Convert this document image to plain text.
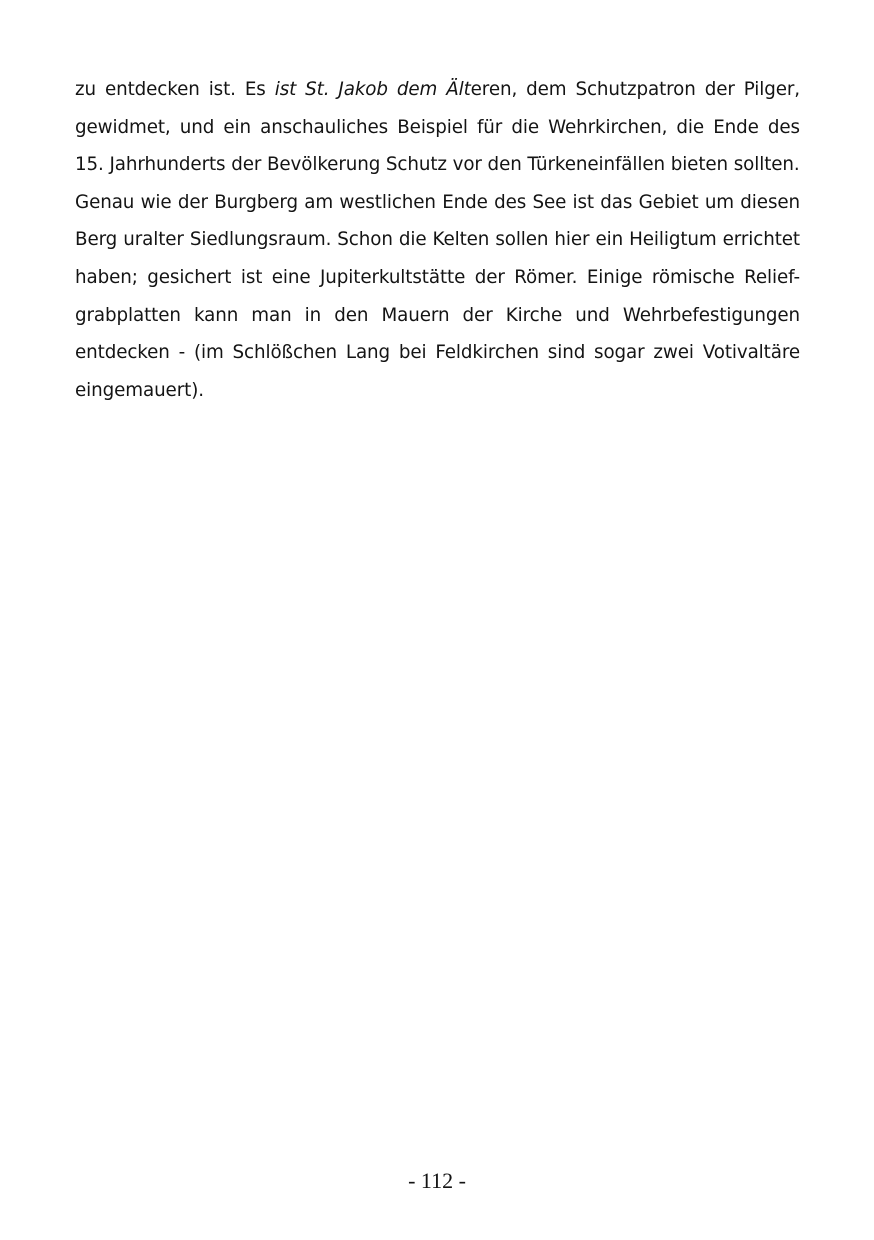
zu entdecken ist. Es ist St. Jakob dem Älteren, dem Schutzpatron der Pilger, gewidmet, und ein anschauliches Beispiel für die Wehrkirchen, die Ende des 15. Jahrhunderts der Bevölkerung Schutz vor den Türkeneinfällen bieten sollten.

Genau wie der Burgberg am westlichen Ende des See ist das Gebiet um diesen Berg uralter Siedlungsraum. Schon die Kelten sollen hier ein Heiligtum errichtet haben; gesichert ist eine Jupiterkultstätte der Römer. Einige römische Relief-grabplatten kann man in den Mauern der Kirche und Wehrbefestigungen entdecken - (im Schlößchen Lang bei Feldkirchen sind sogar zwei Votivaltäre eingemauert).

- 112 -
